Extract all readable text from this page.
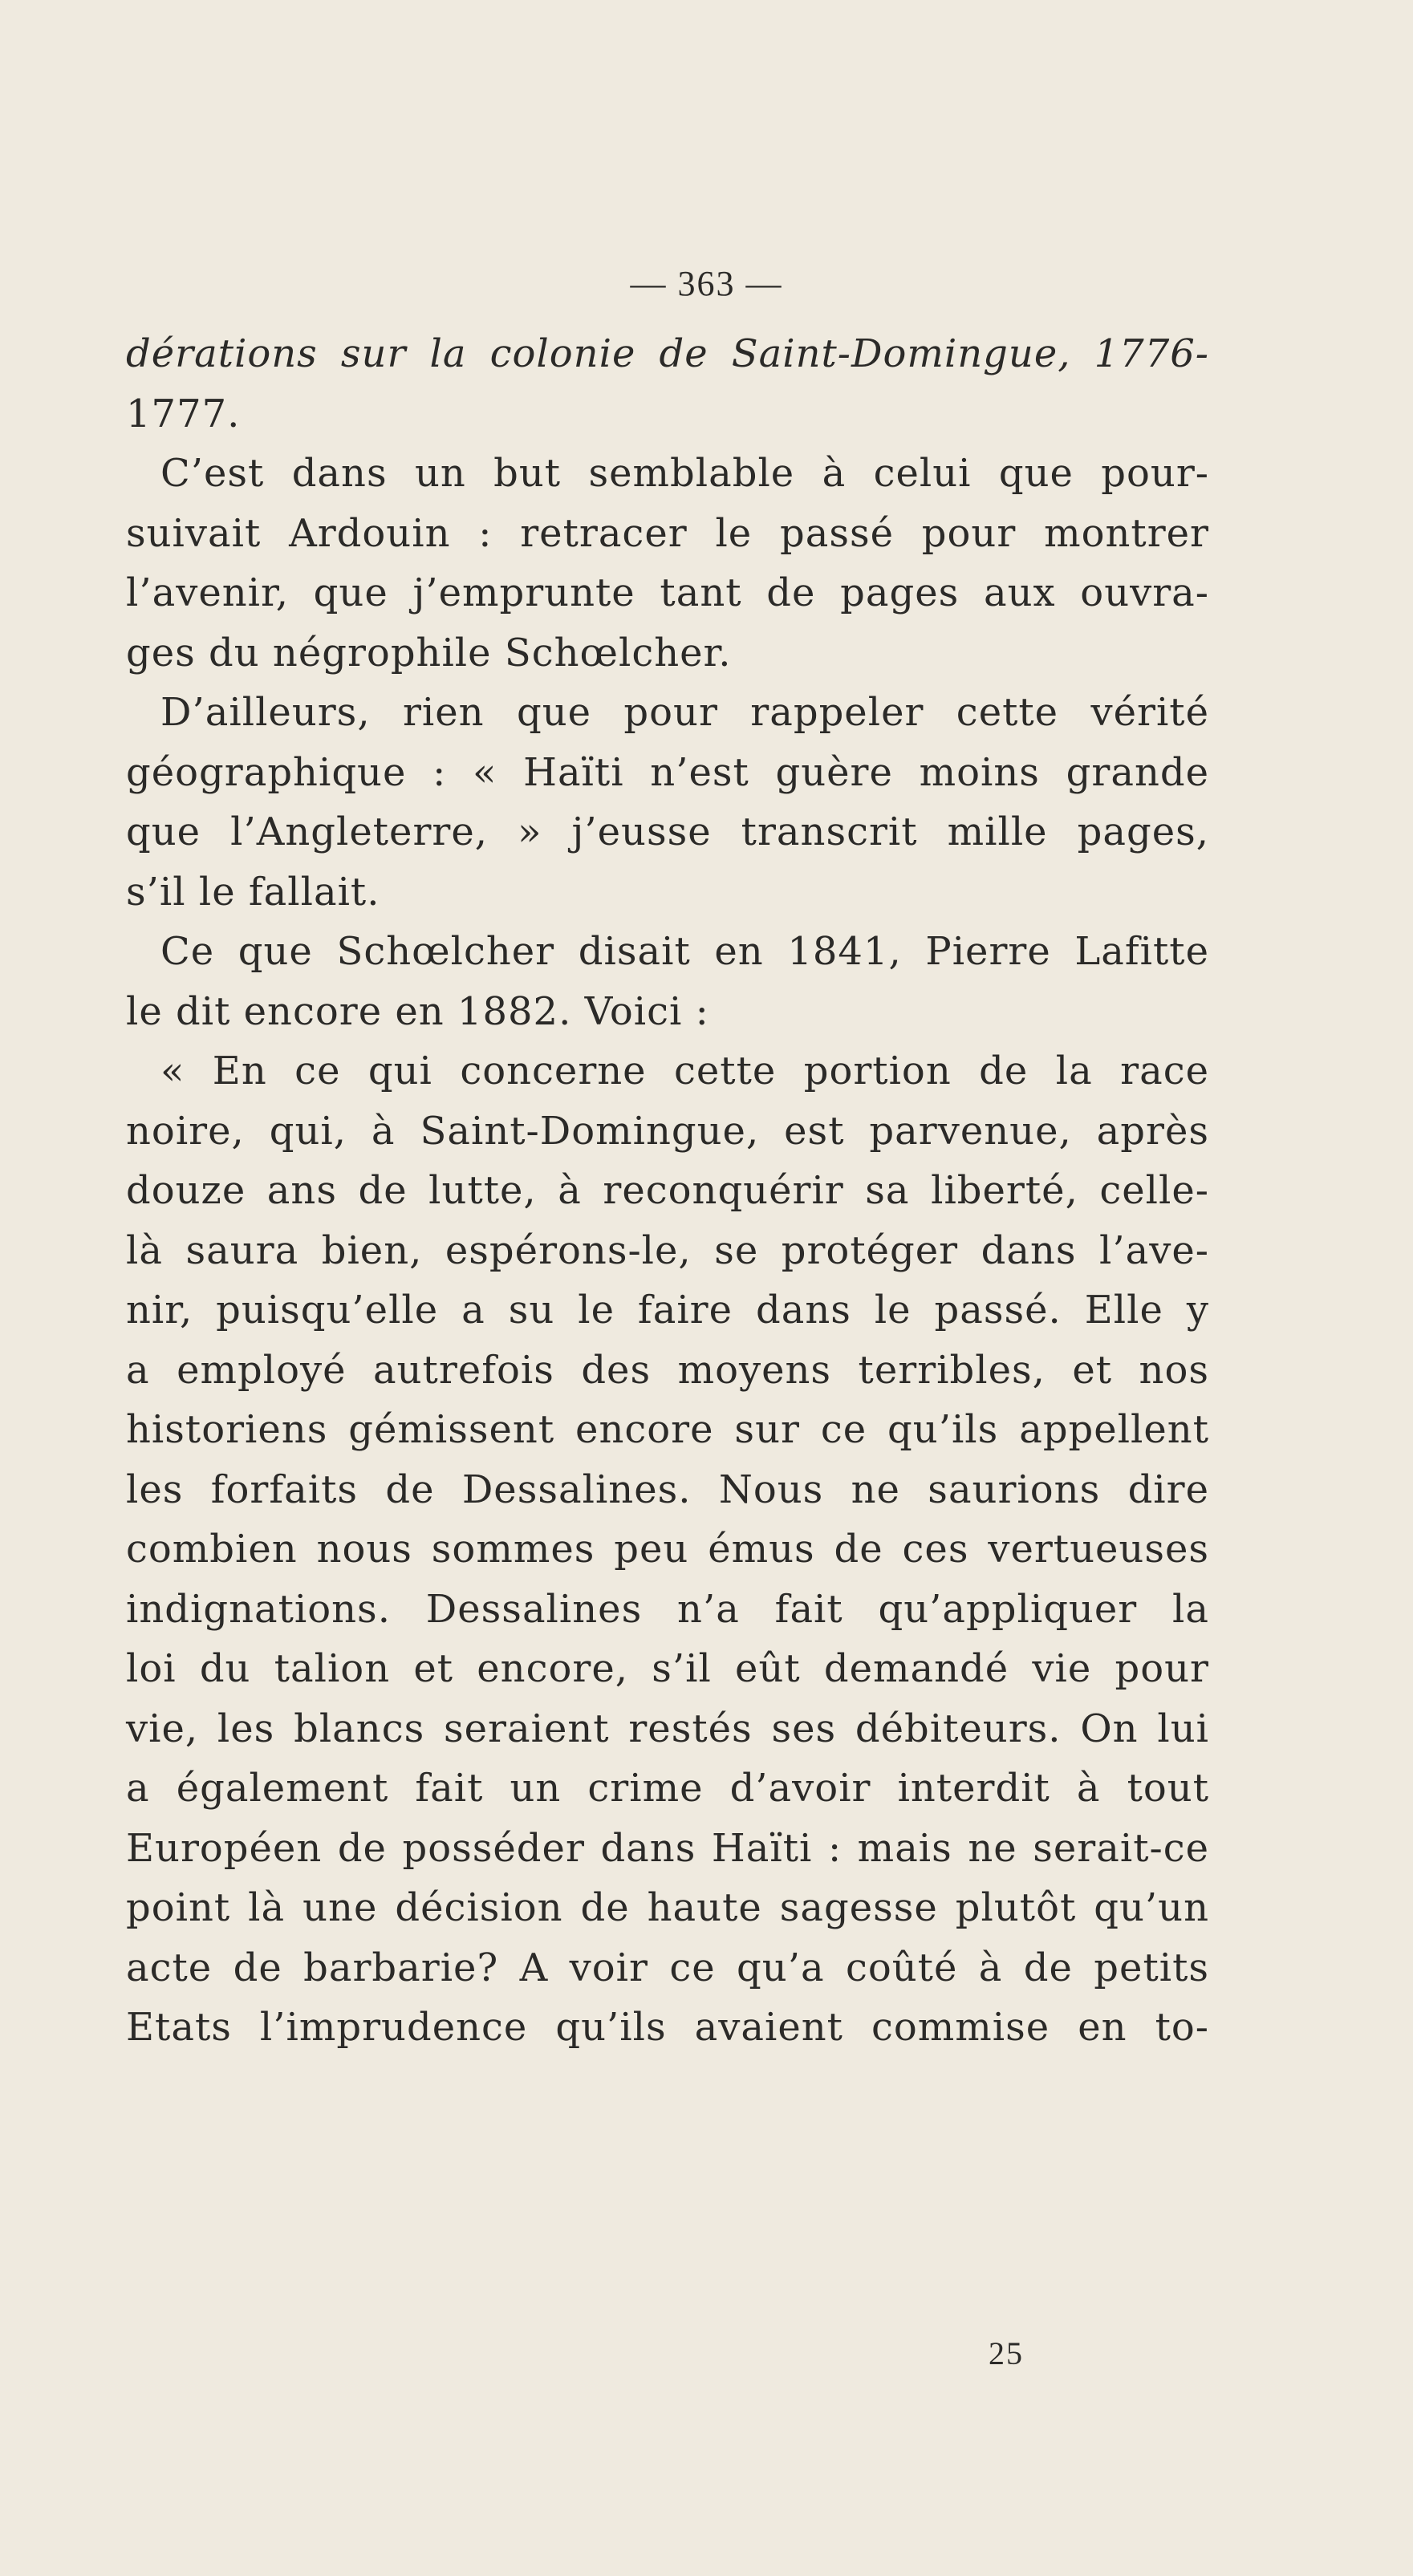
— 363 —
dérations sur la colonie de Saint-Domingue, 1776-
1777.
C’est dans un but semblable à celui que pour-
suivait Ardouin : retracer le passé pour montrer
l’avenir, que j’emprunte tant de pages aux ouvra-
ges du négrophile Schœlcher.
D’ailleurs, rien que pour rappeler cette vérité
géographique : « Haïti n’est guère moins grande
que l’Angleterre, » j’eusse transcrit mille pages,
s’il le fallait.
Ce que Schœlcher disait en 1841, Pierre Lafitte
le dit encore en 1882. Voici :
« En ce qui concerne cette portion de la race
noire, qui, à Saint-Domingue, est parvenue, après
douze ans de lutte, à reconquérir sa liberté, celle-
là saura bien, espérons-le, se protéger dans l’ave-
nir, puisqu’elle a su le faire dans le passé. Elle y
a employé autrefois des moyens terribles, et nos
historiens gémissent encore sur ce qu’ils appellent
les forfaits de Dessalines. Nous ne saurions dire
combien nous sommes peu émus de ces vertueuses
indignations. Dessalines n’a fait qu’appliquer la
loi du talion et encore, s’il eût demandé vie pour
vie, les blancs seraient restés ses débiteurs. On lui
a également fait un crime d’avoir interdit à tout
Européen de posséder dans Haïti : mais ne serait-ce
point là une décision de haute sagesse plutôt qu’un
acte de barbarie? A voir ce qu’a coûté à de petits
Etats l’imprudence qu’ils avaient commise en to-
25
